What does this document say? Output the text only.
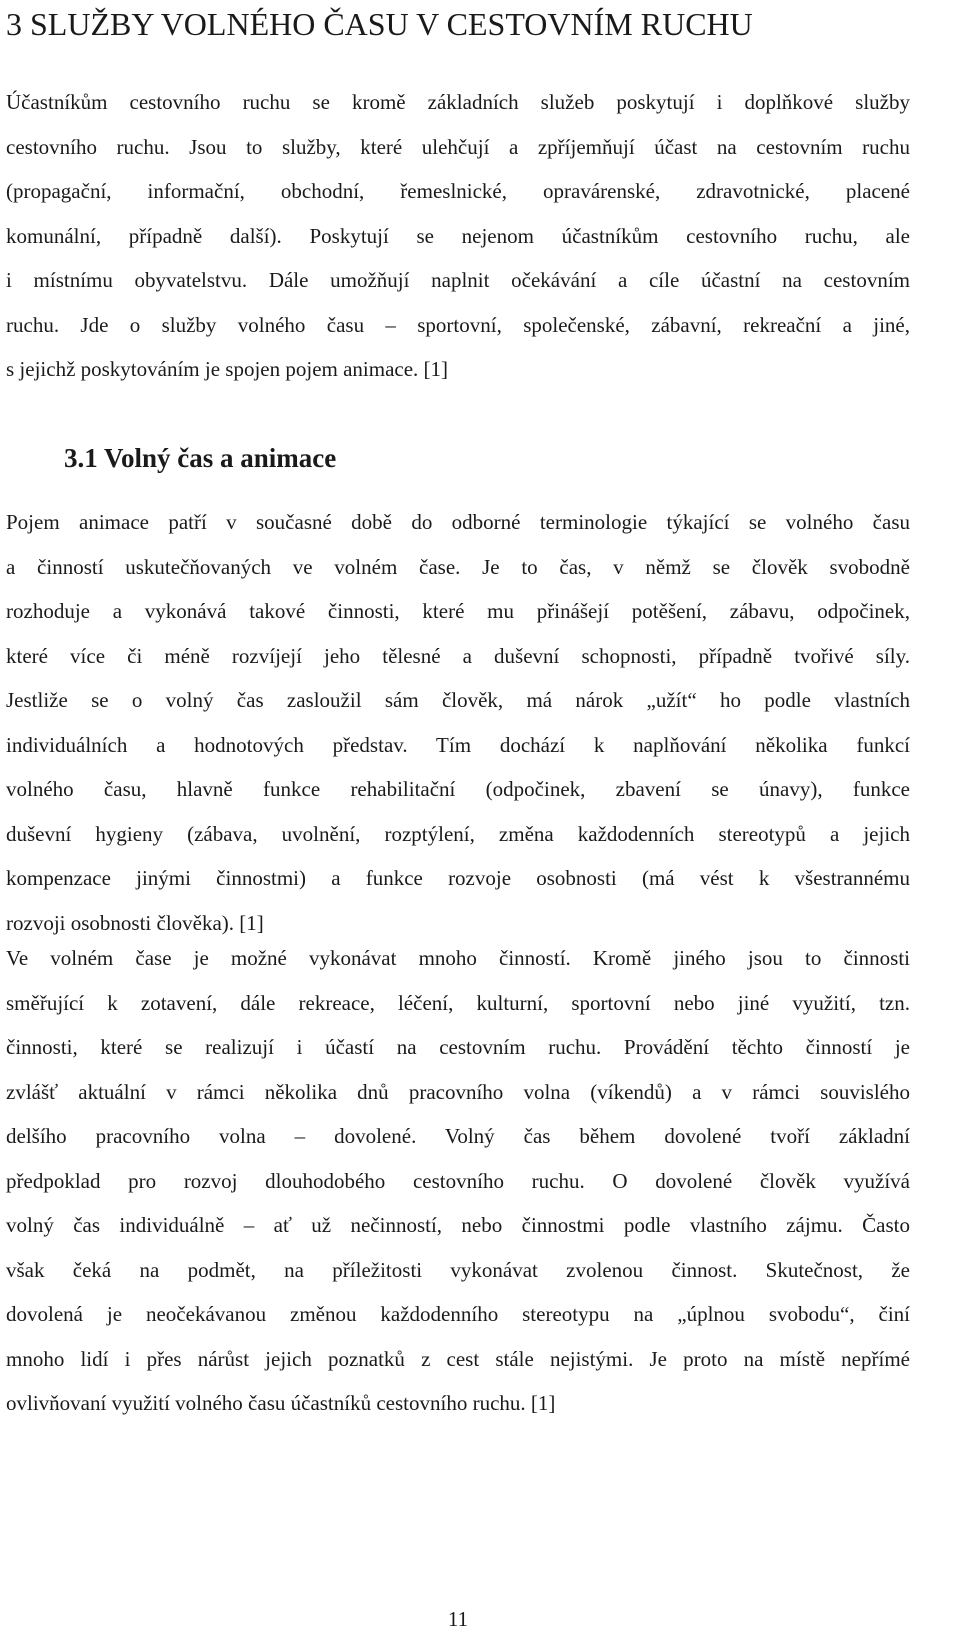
3 SLUŽBY VOLNÉHO ČASU V CESTOVNÍM RUCHU
Účastníkům cestovního ruchu se kromě základních služeb poskytují i doplňkové služby
cestovního ruchu. Jsou to služby, které ulehčují a zpříjemňují účast na cestovním ruchu
(propagační, informační, obchodní, řemeslnické, opravárenské, zdravotnické, placené
komunální, případně další). Poskytují se nejenom účastníkům cestovního ruchu, ale
i místnímu obyvatelstvu. Dále umožňují naplnit očekávání a cíle účastní na cestovním
ruchu. Jde o služby volného času – sportovní, společenské, zábavní, rekreační a jiné,
s jejichž poskytováním je spojen pojem animace. [1]
3.1 Volný čas a animace
Pojem animace patří v současné době do odborné terminologie týkající se volného času
a činností uskutečňovaných ve volném čase. Je to čas, v němž se člověk svobodně
rozhoduje a vykonává takové činnosti, které mu přinášejí potěšení, zábavu, odpočinek,
které více či méně rozvíjejí jeho tělesné a duševní schopnosti, případně tvořivé síly.
Jestliže se o volný čas zasloužil sám člověk, má nárok „užít“ ho podle vlastních
individuálních a hodnotových představ. Tím dochází k naplňování několika funkcí
volného času, hlavně funkce rehabilitační (odpočinek, zbavení se únavy), funkce
duševní hygieny (zábava, uvolnění, rozptýlení, změna každodenních stereotypů a jejich
kompenzace jinými činnostmi) a funkce rozvoje osobnosti (má vést k všestrannému
rozvoji osobnosti člověka). [1]
Ve volném čase je možné vykonávat mnoho činností. Kromě jiného jsou to činnosti
směřující k zotavení, dále rekreace, léčení, kulturní, sportovní nebo jiné využití, tzn.
činnosti, které se realizují i účastí na cestovním ruchu. Provádění těchto činností je
zvlášť aktuální v rámci několika dnů pracovního volna (víkendů) a v rámci souvislého
delšího pracovního volna – dovolené. Volný čas během dovolené tvoří základní
předpoklad pro rozvoj dlouhodobého cestovního ruchu. O dovolené člověk využívá
volný čas individuálně – ať už nečinností, nebo činnostmi podle vlastního zájmu. Často
však čeká na podmět, na příležitosti vykonávat zvolenou činnost. Skutečnost, že
dovolená je neočekávanou změnou každodenního stereotypu na „úplnou svobodu“, činí
mnoho lidí i přes nárůst jejich poznatků z cest stále nejistými. Je proto na místě nepřímé
ovlivňovaní využití volného času účastníků cestovního ruchu. [1]
11
